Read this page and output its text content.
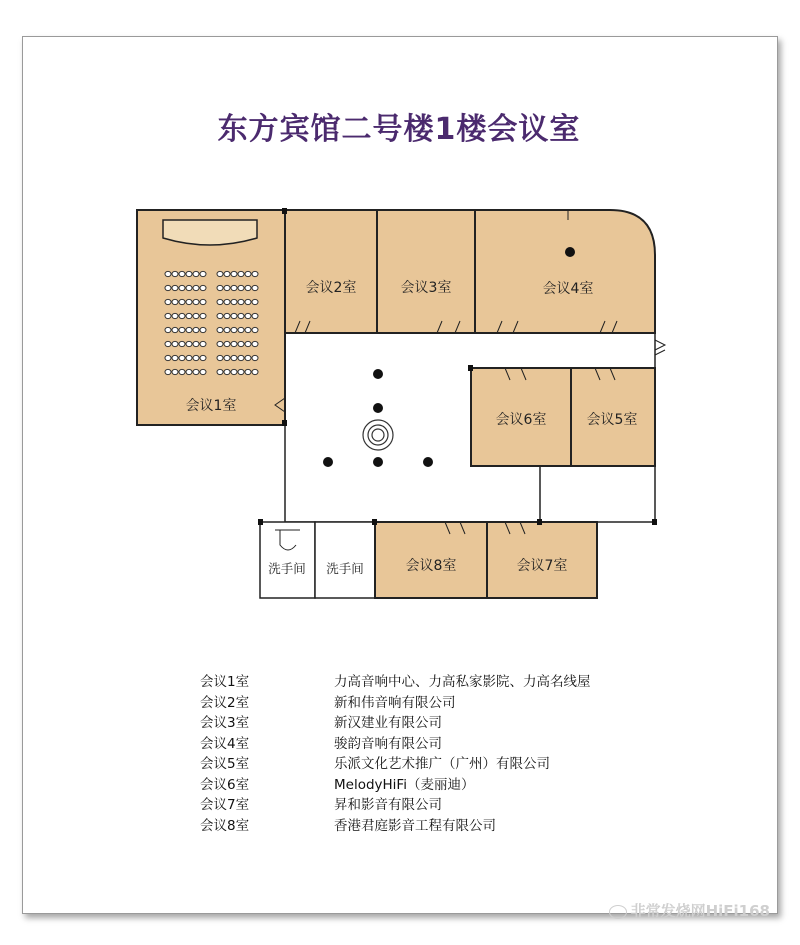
东方宾馆二号楼1楼会议室
会议1室
会议2室	会议3室	会议4室
会议6室	会议5室
会议8室	会议7室
洗手间 洗手间
会议1室	力高音响中心、力高私家影院、力高名线屋
会议2室	新和伟音响有限公司
会议3室	新汉建业有限公司
会议4室	骏韵音响有限公司
会议5室	乐派文化艺术推广（广州）有限公司
会议6室	MelodyHiFi（麦丽迪）
会议7室	昇和影音有限公司
会议8室	香港君庭影音工程有限公司
非常发烧网HiFi168
